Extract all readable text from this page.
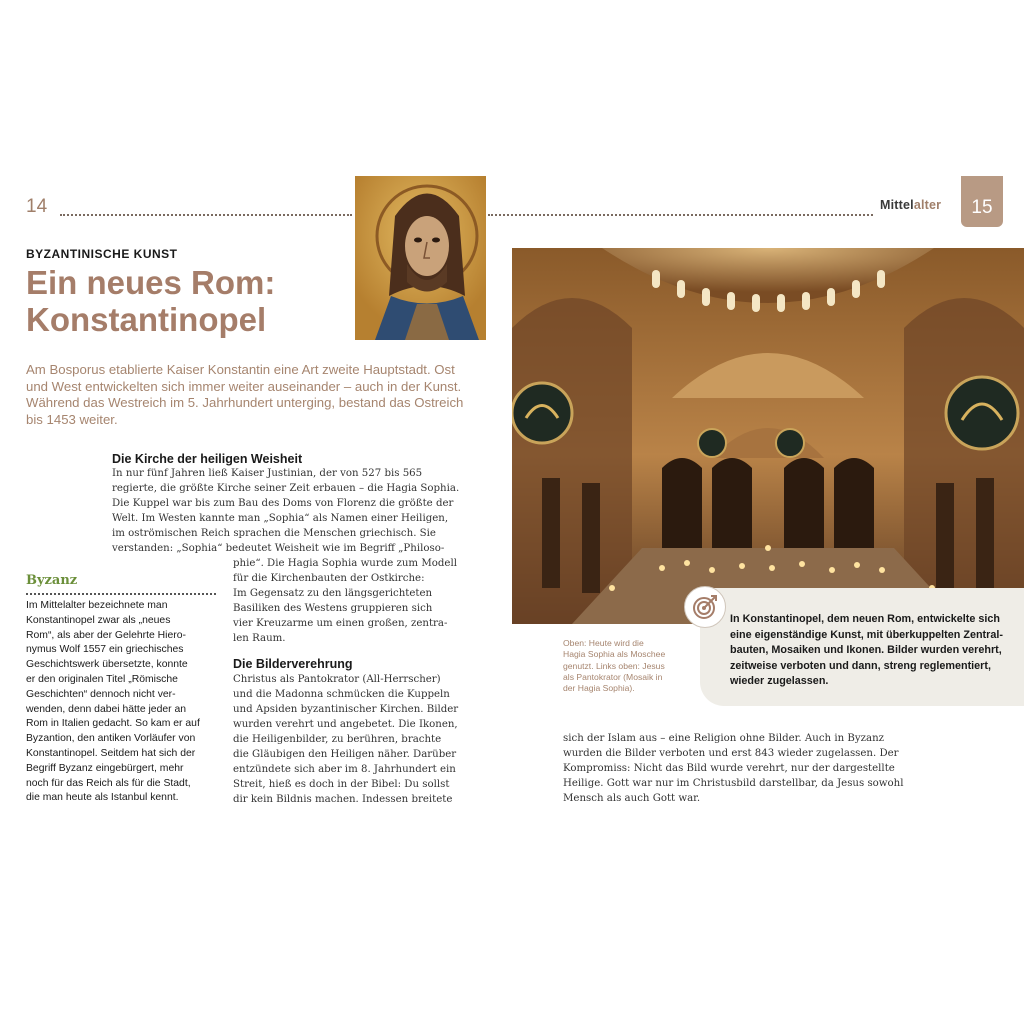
14	Mittelalter	15
BYZANTINISCHE KUNST
Ein neues Rom:
Konstantinopel
Am Bosporus etablierte Kaiser Konstantin eine Art zweite Hauptstadt. Ost und West entwickelten sich immer weiter auseinander – auch in der Kunst. Während das Westreich im 5. Jahrhundert unterging, bestand das Ostreich bis 1453 weiter.
Die Kirche der heiligen Weisheit

In nur fünf Jahren ließ Kaiser Justinian, der von 527 bis 565

regierte, die größte Kirche seiner Zeit erbauen – die Hagia Sophia.

Die Kuppel war bis zum Bau des Doms von Florenz die größte der

Welt. Im Westen kannte man „Sophia“ als Namen einer Heiligen,

im oströmischen Reich sprachen die Menschen griechisch. Sie

verstanden: „Sophia“ bedeutet Weisheit wie im Begriff „Philoso-

phie“. Die Hagia Sophia wurde zum Modell

für die Kirchenbauten der Ostkirche:

Im Gegensatz zu den längsgerichteten

Basiliken des Westens gruppieren sich

vier Kreuzarme um einen großen, zentra-

len Raum.

Die Bilderverehrung

Christus als Pantokrator (All-Herrscher)

und die Madonna schmücken die Kuppeln

und Apsiden byzantinischer Kirchen. Bilder

wurden verehrt und angebetet. Die Ikonen,

die Heiligenbilder, zu berühren, brachte

die Gläubigen den Heiligen näher. Darüber

entzündete sich aber im 8. Jahrhundert ein

Streit, hieß es doch in der Bibel: Du sollst

dir kein Bildnis machen. Indessen breitete

sich der Islam aus – eine Religion ohne Bilder. Auch in Byzanz

wurden die Bilder verboten und erst 843 wieder zugelassen. Der

Kompromiss: Nicht das Bild wurde verehrt, nur der dargestellte

Heilige. Gott war nur im Christusbild darstellbar, da Jesus sowohl

Mensch als auch Gott war.

Byzanz
Im Mittelalter bezeichnete man
Konstantinopel zwar als „neues
Rom“, als aber der Gelehrte Hiero-
nymus Wolf 1557 ein griechisches
Geschichtswerk übersetzte, konnte
er den originalen Titel „Römische
Geschichten“ dennoch nicht ver-
wenden, denn dabei hätte jeder an
Rom in Italien gedacht. So kam er auf
Byzantion, den antiken Vorläufer von
Konstantinopel. Seitdem hat sich der
Begriff Byzanz eingebürgert, mehr
noch für das Reich als für die Stadt,
die man heute als Istanbul kennt.
Oben: Heute wird die
Hagia Sophia als Moschee
genutzt. Links oben: Jesus
als Pantokrator (Mosaik in
der Hagia Sophia).
In Konstantinopel, dem neuen Rom, entwickelte sich
eine eigenständige Kunst, mit überkuppelten Zentral-
bauten, Mosaiken und Ikonen. Bilder wurden verehrt,
zeitweise verboten und dann, streng reglementiert,
wieder zugelassen.
